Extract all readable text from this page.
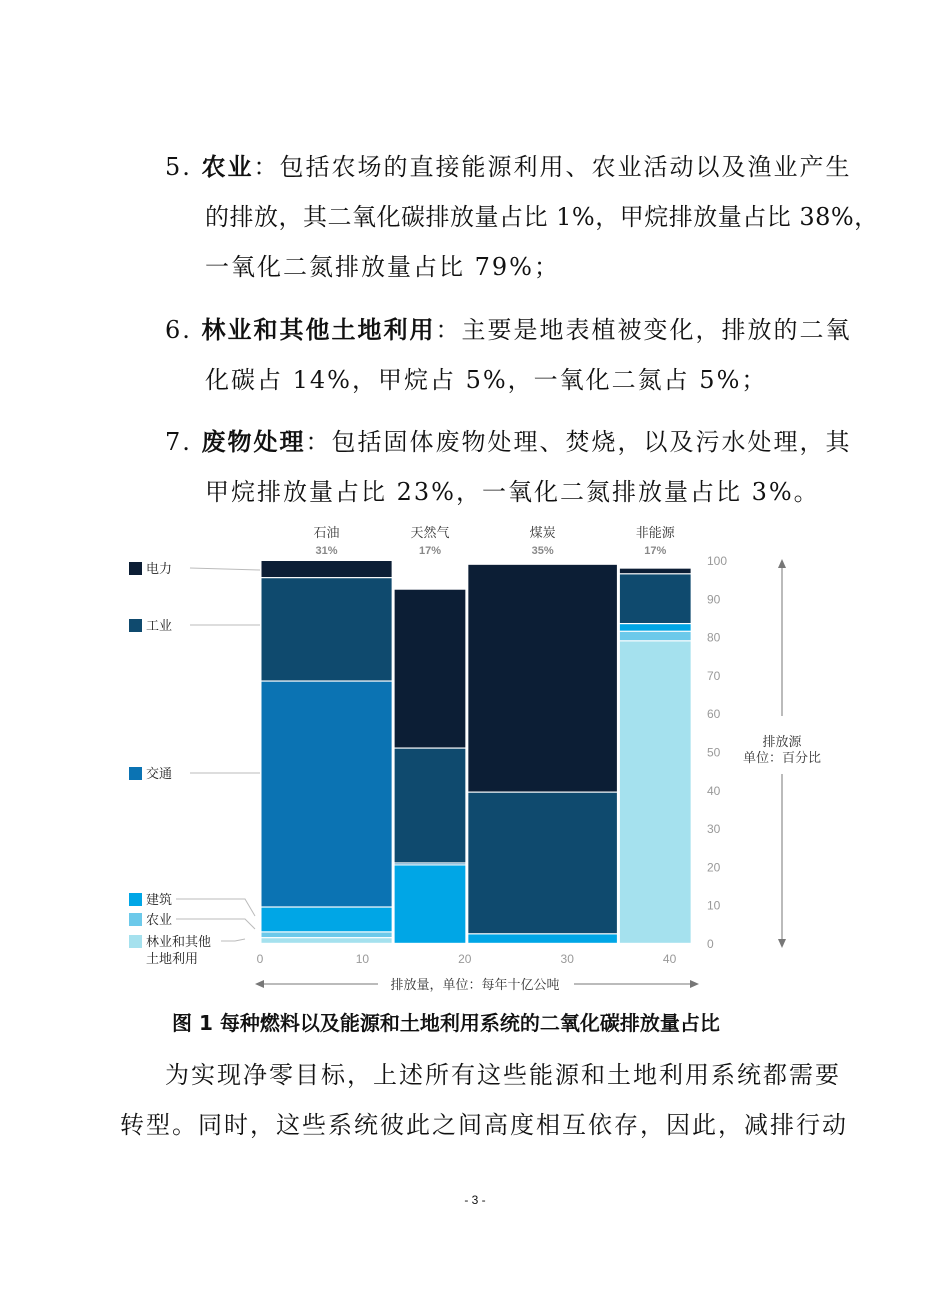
5. 农业：包括农场的直接能源利用、农业活动以及渔业产生
的排放，其二氧化碳排放量占比 1%，甲烷排放量占比 38%，
一氧化二氮排放量占比 79%；
6. 林业和其他土地利用：主要是地表植被变化，排放的二氧
化碳占 14%，甲烷占 5%，一氧化二氮占 5%；
7. 废物处理：包括固体废物处理、焚烧，以及污水处理，其
甲烷排放量占比 23%，一氧化二氮排放量占比 3%。
电力
工业
交通
建筑
农业
林业和其他
土地利用
石油
31%
天然气
17%
煤炭
35%
非能源
17%
0
10
20
30
40
50
60
70
80
90
100
0	10	20	30	40
排放量，单位：每年十亿公吨
排放源
单位：百分比
图 1 每种燃料以及能源和土地利用系统的二氧化碳排放量占比
为实现净零目标，上述所有这些能源和土地利用系统都需要
转型。同时，这些系统彼此之间高度相互依存，因此，减排行动
- 3 -
